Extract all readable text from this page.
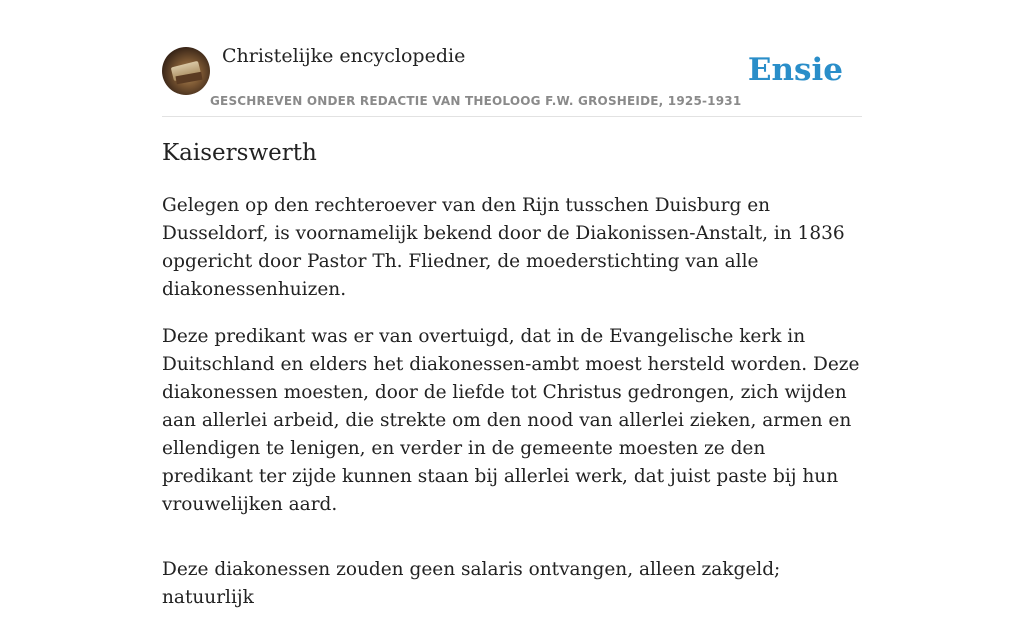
Christelijke encyclopedie
GESCHREVEN ONDER REDACTIE VAN THEOLOOG F.W. GROSHEIDE, 1925-1931
Ensie
Kaiserswerth

Gelegen op den rechteroever van den Rijn tusschen Duisburg en Dusseldorf, is voornamelijk bekend door de Diakonissen-Anstalt, in 1836 opgericht door Pastor Th. Fliedner, de moederstichting van alle diakonessenhuizen.

Deze predikant was er van overtuigd, dat in de Evangelische kerk in Duitschland en elders het diakonessen-ambt moest hersteld worden. Deze diakonessen moesten, door de liefde tot Christus gedrongen, zich wijden aan allerlei arbeid, die strekte om den nood van allerlei zieken, armen en ellendigen te lenigen, en verder in de gemeente moesten ze den predikant ter zijde kunnen staan bij allerlei werk, dat juist paste bij hun vrouwelijken aard.

Deze diakonessen zouden geen salaris ontvangen, alleen zakgeld; natuurlijk
